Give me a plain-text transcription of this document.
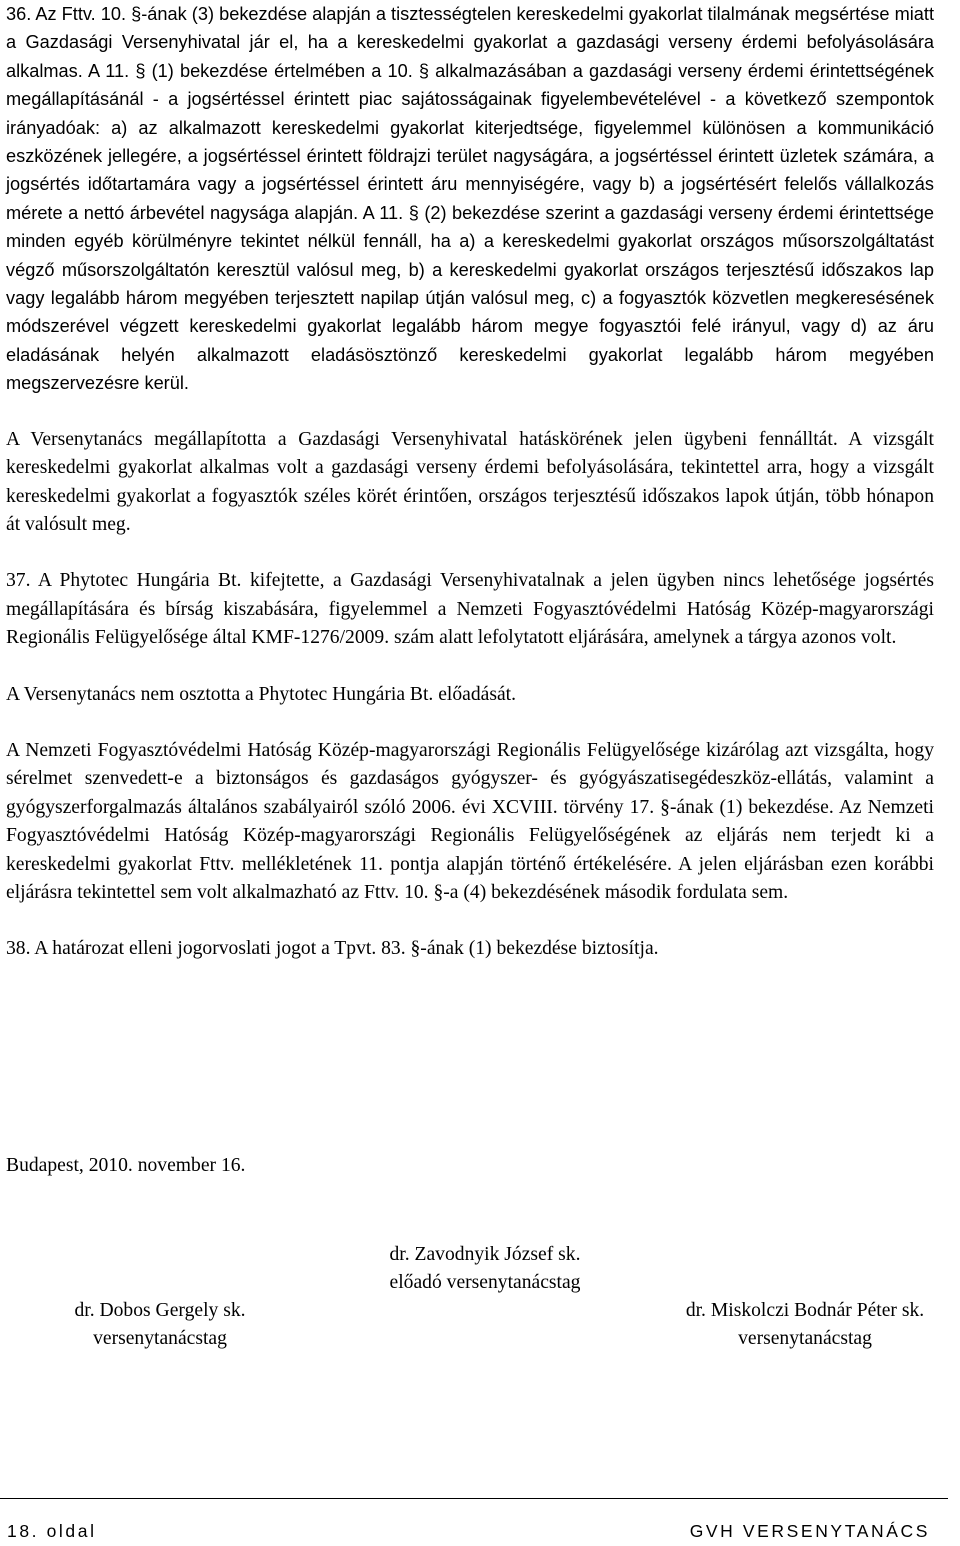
36. Az Fttv. 10. §-ának (3) bekezdése alapján a tisztességtelen kereskedelmi gyakorlat tilalmának megsértése miatt a Gazdasági Versenyhivatal jár el, ha a kereskedelmi gyakorlat a gazdasági verseny érdemi befolyásolására alkalmas. A 11. § (1) bekezdése értelmében a 10. § alkalmazásában a gazdasági verseny érdemi érintettségének megállapításánál - a jogsértéssel érintett piac sajátosságainak figyelembevételével - a következő szempontok irányadóak: a) az alkalmazott kereskedelmi gyakorlat kiterjedtsége, figyelemmel különösen a kommunikáció eszközének jellegére, a jogsértéssel érintett földrajzi terület nagyságára, a jogsértéssel érintett üzletek számára, a jogsértés időtartamára vagy a jogsértéssel érintett áru mennyiségére, vagy b) a jogsértésért felelős vállalkozás mérete a nettó árbevétel nagysága alapján. A 11. § (2) bekezdése szerint a gazdasági verseny érdemi érintettsége minden egyéb körülményre tekintet nélkül fennáll, ha a) a kereskedelmi gyakorlat országos műsorszolgáltatást végző műsorszolgáltatón keresztül valósul meg, b) a kereskedelmi gyakorlat országos terjesztésű időszakos lap vagy legalább három megyében terjesztett napilap útján valósul meg, c) a fogyasztók közvetlen megkeresésének módszerével végzett kereskedelmi gyakorlat legalább három megye fogyasztói felé irányul, vagy d) az áru eladásának helyén alkalmazott eladásösztönző kereskedelmi gyakorlat legalább három megyében megszervezésre kerül.

A Versenytanács megállapította a Gazdasági Versenyhivatal hatáskörének jelen ügybeni fennálltát. A vizsgált kereskedelmi gyakorlat alkalmas volt a gazdasági verseny érdemi befolyásolására, tekintettel arra, hogy a vizsgált kereskedelmi gyakorlat a fogyasztók széles körét érintően, országos terjesztésű időszakos lapok útján, több hónapon át valósult meg.

37. A Phytotec Hungária Bt. kifejtette, a Gazdasági Versenyhivatalnak a jelen ügyben nincs lehetősége jogsértés megállapítására és bírság kiszabására, figyelemmel a Nemzeti Fogyasztóvédelmi Hatóság Közép-magyarországi Regionális Felügyelősége által KMF-1276/2009. szám alatt lefolytatott eljárására, amelynek a tárgya azonos volt.

A Versenytanács nem osztotta a Phytotec Hungária Bt. előadását.

A Nemzeti Fogyasztóvédelmi Hatóság Közép-magyarországi Regionális Felügyelősége kizárólag azt vizsgálta, hogy sérelmet szenvedett-e a biztonságos és gazdaságos gyógyszer- és gyógyászatisegédeszköz-ellátás, valamint a gyógyszerforgalmazás általános szabályairól szóló 2006. évi XCVIII. törvény 17. §-ának (1) bekezdése. Az Nemzeti Fogyasztóvédelmi Hatóság Közép-magyarországi Regionális Felügyelőségének az eljárás nem terjedt ki a kereskedelmi gyakorlat Fttv. mellékletének 11. pontja alapján történő értékelésére. A jelen eljárásban ezen korábbi eljárásra tekintettel sem volt alkalmazható az Fttv. 10. §-a (4) bekezdésének második fordulata sem.

38. A határozat elleni jogorvoslati jogot a Tpvt. 83. §-ának (1) bekezdése biztosítja.

Budapest, 2010. november 16.
dr. Zavodnyik József sk.
előadó versenytanácstag
dr. Dobos Gergely sk.
versenytanácstag
dr. Miskolczi Bodnár Péter sk.
versenytanácstag
18. oldal	GVH VERSENYTANÁCS
